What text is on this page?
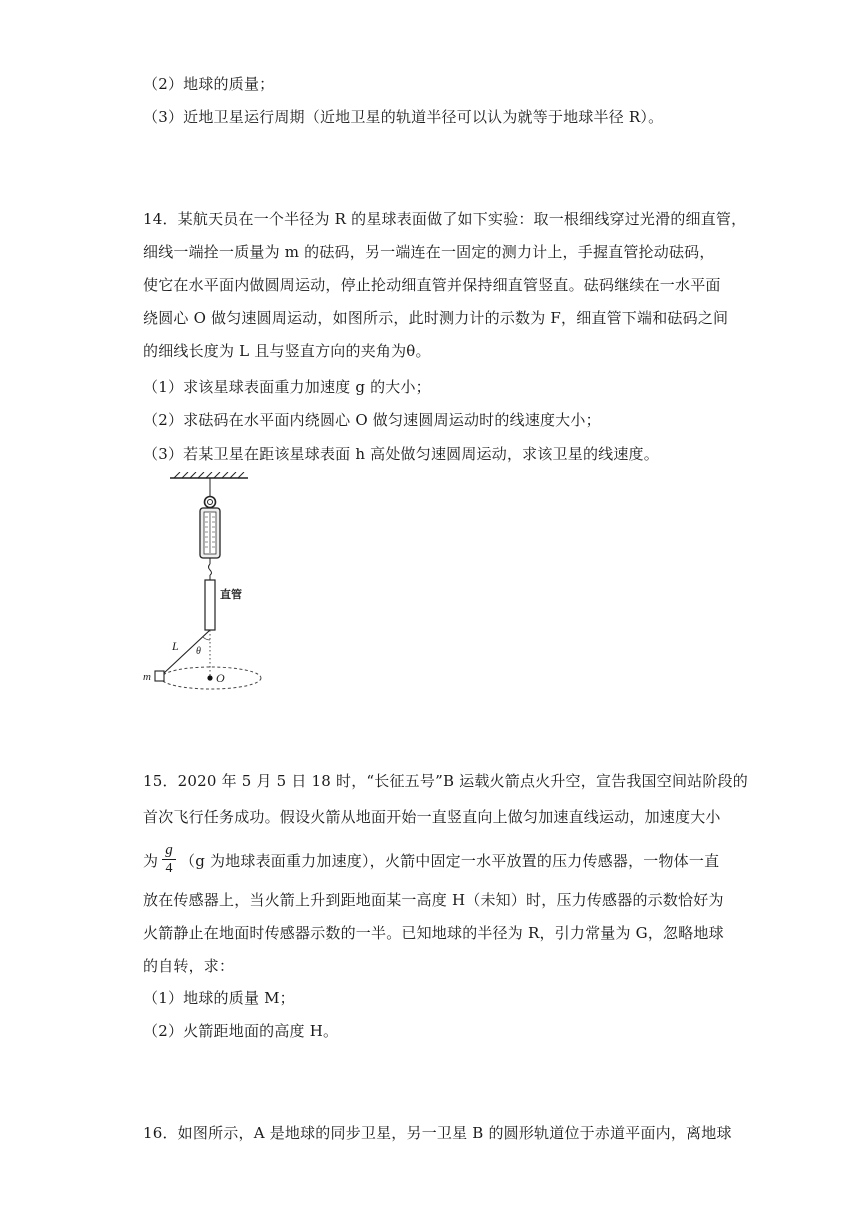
（2）地球的质量；
（3）近地卫星运行周期（近地卫星的轨道半径可以认为就等于地球半径 R）。
14．某航天员在一个半径为 R 的星球表面做了如下实验：取一根细线穿过光滑的细直管，
细线一端拴一质量为 m 的砝码，另一端连在一固定的测力计上，手握直管抡动砝码，
使它在水平面内做圆周运动，停止抡动细直管并保持细直管竖直。砝码继续在一水平面
绕圆心 O 做匀速圆周运动，如图所示，此时测力计的示数为 F，细直管下端和砝码之间
的细线长度为 L 且与竖直方向的夹角为θ。
（1）求该星球表面重力加速度 g 的大小；
（2）求砝码在水平面内绕圆心 O 做匀速圆周运动时的线速度大小；
（3）若某卫星在距该星球表面 h 高处做匀速圆周运动，求该卫星的线速度。
直管
L θ
m	O
15．2020 年 5 月 5 日 18 时，“长征五号”B 运载火箭点火升空，宣告我国空间站阶段的
首次飞行任务成功。假设火箭从地面开始一直竖直向上做匀加速直线运动，加速度大小
为
g
4 （g 为地球表面重力加速度），火箭中固定一水平放置的压力传感器，一物体一直
放在传感器上，当火箭上升到距地面某一高度 H（未知）时，压力传感器的示数恰好为
火箭静止在地面时传感器示数的一半。已知地球的半径为 R，引力常量为 G，忽略地球
的自转，求：
（1）地球的质量 M；
（2）火箭距地面的高度 H。
16．如图所示，A 是地球的同步卫星，另一卫星 B 的圆形轨道位于赤道平面内，离地球
